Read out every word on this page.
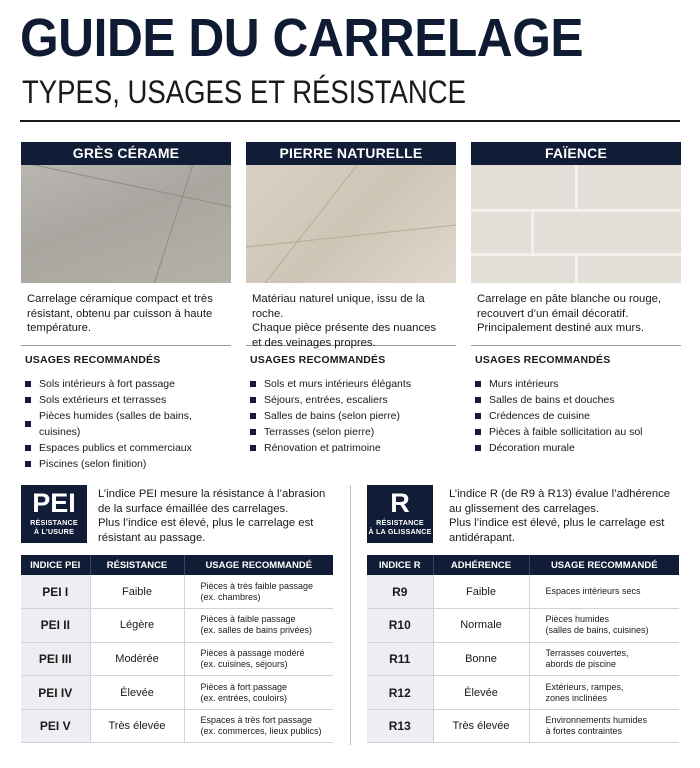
GUIDE DU CARRELAGE
TYPES, USAGES ET RÉSISTANCE
GRÈS CÉRAME
Carrelage céramique compact et très
résistant, obtenu par cuisson à haute
température.
USAGES RECOMMANDÉS
Sols intérieurs à fort passage
Sols extérieurs et terrasses
Pièces humides (salles de bains, cuisines)
Espaces publics et commerciaux
Piscines (selon finition)
PIERRE NATURELLE
Matériau naturel unique, issu de la roche.
Chaque pièce présente des nuances
et des veinages propres.
USAGES RECOMMANDÉS
Sols et murs intérieurs élégants
Séjours, entrées, escaliers
Salles de bains (selon pierre)
Terrasses (selon pierre)
Rénovation et patrimoine
FAÏENCE
Carrelage en pâte blanche ou rouge,
recouvert d’un émail décoratif.
Principalement destiné aux murs.
USAGES RECOMMANDÉS
Murs intérieurs
Salles de bains et douches
Crédences de cuisine
Pièces à faible sollicitation au sol
Décoration murale
PEI
RÉSISTANCE
À L’USURE
L’indice PEI mesure la résistance à l’abrasion
de la surface émaillée des carrelages.
Plus l’indice est élevé, plus le carrelage est
résistant au passage.
INDICE PEI	RÉSISTANCE	USAGE RECOMMANDÉ
PEI I	Faible	Pièces à très faible passage
(ex. chambres)

PEI II	Légère	Pièces à faible passage
(ex. salles de bains privées)

PEI III	Modérée	Pièces à passage modéré
(ex. cuisines, séjours)

PEI IV	Élevée	Pièces à fort passage
(ex. entrées, couloirs)

PEI V	Très élevée	Espaces à très fort passage
(ex. commerces, lieux publics)
R
RÉSISTANCE
À LA GLISSANCE
L’indice R (de R9 à R13) évalue l’adhérence
au glissement des carrelages.
Plus l’indice est élevé, plus le carrelage est
antidérapant.
INDICE R	ADHÉRENCE	USAGE RECOMMANDÉ
R9	Faible	Espaces intérieurs secs

R10	Normale	Pièces humides
(salles de bains, cuisines)

R11	Bonne	Terrasses couvertes,
abords de piscine

R12	Élevée	Extérieurs, rampes,
zones inclinées

R13	Très élevée	Environnements humides
à fortes contraintes
